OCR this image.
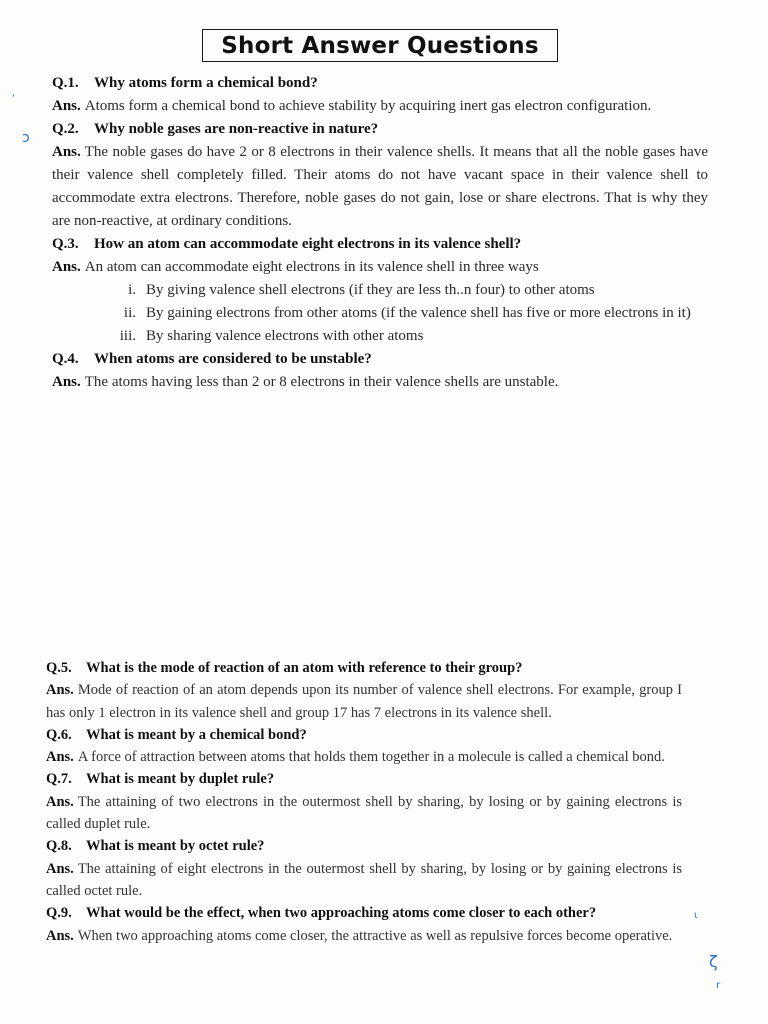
Short Answer Questions
'
ɔ
ζ
r
ι
Q.1.	Why atoms form a chemical bond?
Ans. Atoms form a chemical bond to achieve stability by acquiring inert gas electron configuration.
Q.2.	Why noble gases are non-reactive in nature?
Ans. The noble gases do have 2 or 8 electrons in their valence shells. It means that all the noble gases have their valence shell completely filled. Their atoms do not have vacant space in their valence shell to accommodate extra electrons. Therefore, noble gases do not gain, lose or share electrons. That is why they are non-reactive, at ordinary conditions.
Q.3.	How an atom can accommodate eight electrons in its valence shell?
Ans. An atom can accommodate eight electrons in its valence shell in three ways
i. By giving valence shell electrons (if they are less th..n four) to other atoms
ii. By gaining electrons from other atoms (if the valence shell has five or more electrons in it)
iii. By sharing valence electrons with other atoms
Q.4.	When atoms are considered to be unstable?
Ans. The atoms having less than 2 or 8 electrons in their valence shells are unstable.
Q.5. What is the mode of reaction of an atom with reference to their group?
Ans. Mode of reaction of an atom depends upon its number of valence shell electrons. For example, group I has only 1 electron in its valence shell and group 17 has 7 electrons in its valence shell.
Q.6. What is meant by a chemical bond?
Ans. A force of attraction between atoms that holds them together in a molecule is called a chemical bond.
Q.7. What is meant by duplet rule?
Ans. The attaining of two electrons in the outermost shell by sharing, by losing or by gaining electrons is called duplet rule.
Q.8. What is meant by octet rule?
Ans. The attaining of eight electrons in the outermost shell by sharing, by losing or by gaining electrons is called octet rule.
Q.9. What would be the effect, when two approaching atoms come closer to each other?
Ans. When two approaching atoms come closer, the attractive as well as repulsive forces become operative.
